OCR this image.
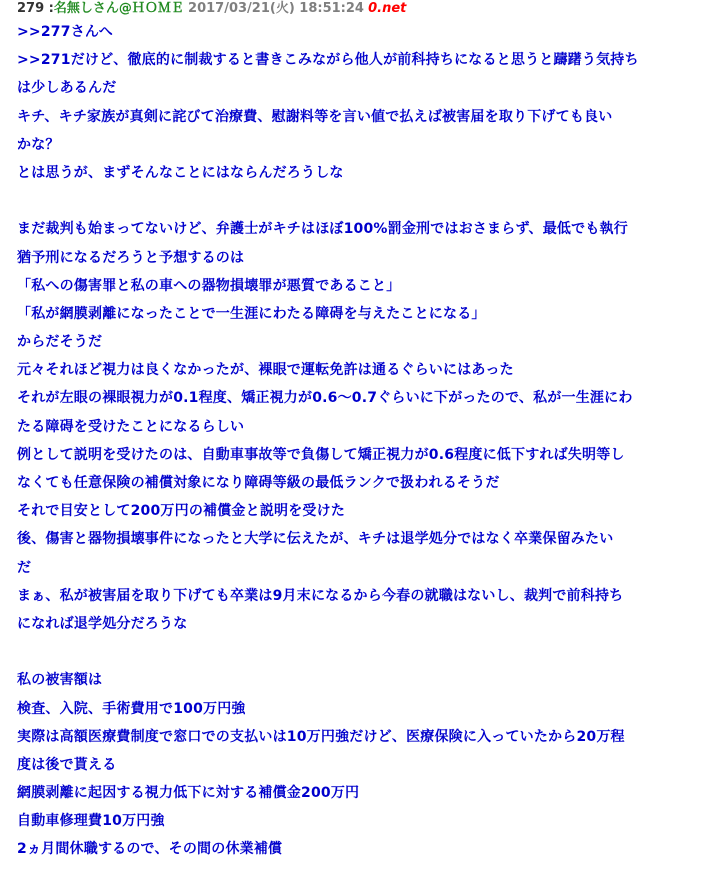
279 :名無しさん@ＨＯＭＥ 2017/03/21(火) 18:51:24 0.net
>>277さんへ
>>271だけど、徹底的に制裁すると書きこみながら他人が前科持ちになると思うと躊躇う気持ち
は少しあるんだ
キチ、キチ家族が真剣に詫びて治療費、慰謝料等を言い値で払えば被害届を取り下げても良い
かな？
とは思うが、まずそんなことにはならんだろうしな
まだ裁判も始まってないけど、弁護士がキチはほぼ100%罰金刑ではおさまらず、最低でも執行
猶予刑になるだろうと予想するのは
「私への傷害罪と私の車への器物損壊罪が悪質であること」
「私が網膜剥離になったことで一生涯にわたる障碍を与えたことになる」
からだそうだ
元々それほど視力は良くなかったが、裸眼で運転免許は通るぐらいにはあった
それが左眼の裸眼視力が0.1程度、矯正視力が0.6～0.7ぐらいに下がったので、私が一生涯にわ
たる障碍を受けたことになるらしい
例として説明を受けたのは、自動車事故等で負傷して矯正視力が0.6程度に低下すれば失明等し
なくても任意保険の補償対象になり障碍等級の最低ランクで扱われるそうだ
それで目安として200万円の補償金と説明を受けた
後、傷害と器物損壊事件になったと大学に伝えたが、キチは退学処分ではなく卒業保留みたい
だ
まぁ、私が被害届を取り下げても卒業は9月末になるから今春の就職はないし、裁判で前科持ち
になれば退学処分だろうな
私の被害額は
検査、入院、手術費用で100万円強
実際は高額医療費制度で窓口での支払いは10万円強だけど、医療保険に入っていたから20万程
度は後で貰える
網膜剥離に起因する視力低下に対する補償金200万円
自動車修理費10万円強
2ヵ月間休職するので、その間の休業補償
